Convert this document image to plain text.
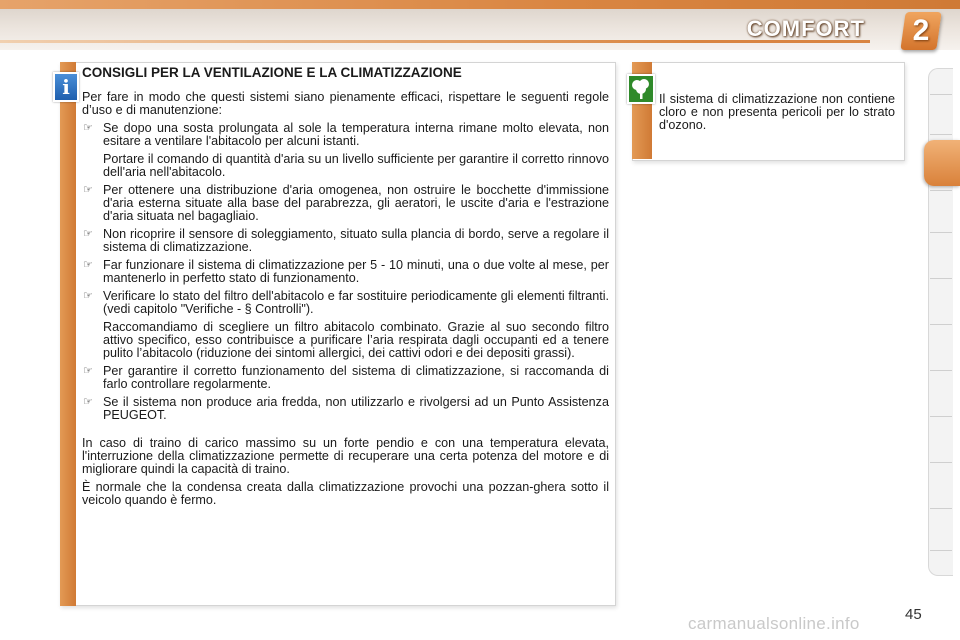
COMFORT	2
i
CONSIGLI PER LA VENTILAZIONE E LA CLIMATIZZAZIONE
Per fare in modo che questi sistemi siano pienamente efficaci, rispettare le seguenti regole d’uso e di manutenzione:
☞ Se dopo una sosta prolungata al sole la temperatura interna rimane molto elevata, non esitare a ventilare l'abitacolo per alcuni istanti.
Portare il comando di quantità d'aria su un livello sufficiente per garantire il corretto rinnovo dell'aria nell'abitacolo.
☞ Per ottenere una distribuzione d'aria omogenea, non ostruire le bocchette d'immissione d'aria esterna situate alla base del parabrezza, gli aeratori, le uscite d'aria e l'estrazione d'aria situata nel bagagliaio.
☞ Non ricoprire il sensore di soleggiamento, situato sulla plancia di bordo, serve a regolare il sistema di climatizzazione.
☞ Far funzionare il sistema di climatizzazione per 5 - 10 minuti, una o due volte al mese, per mantenerlo in perfetto stato di funzionamento.
☞ Verificare lo stato del filtro dell'abitacolo e far sostituire periodicamente gli elementi filtranti. (vedi capitolo "Verifiche - § Controlli").
Raccomandiamo di scegliere un filtro abitacolo combinato. Grazie al suo secondo filtro attivo specifico, esso contribuisce a purificare l’aria respirata dagli occupanti ed a tenere pulito l’abitacolo (riduzione dei sintomi allergici, dei cattivi odori e dei depositi grassi).
☞ Per garantire il corretto funzionamento del sistema di climatizzazione, si raccomanda di farlo controllare regolarmente.
☞ Se il sistema non produce aria fredda, non utilizzarlo e rivolgersi ad un Punto Assistenza PEUGEOT.
In caso di traino di carico massimo su un forte pendio e con una temperatura elevata, l'interruzione della climatizzazione permette di recuperare una certa potenza del motore e di migliorare quindi la capacità di traino.
È normale che la condensa creata dalla climatizzazione provochi una pozzan-ghera sotto il veicolo quando è fermo.
Il sistema di climatizzazione non contiene cloro e non presenta pericoli per lo strato d'ozono.
carmanualsonline.info	45
